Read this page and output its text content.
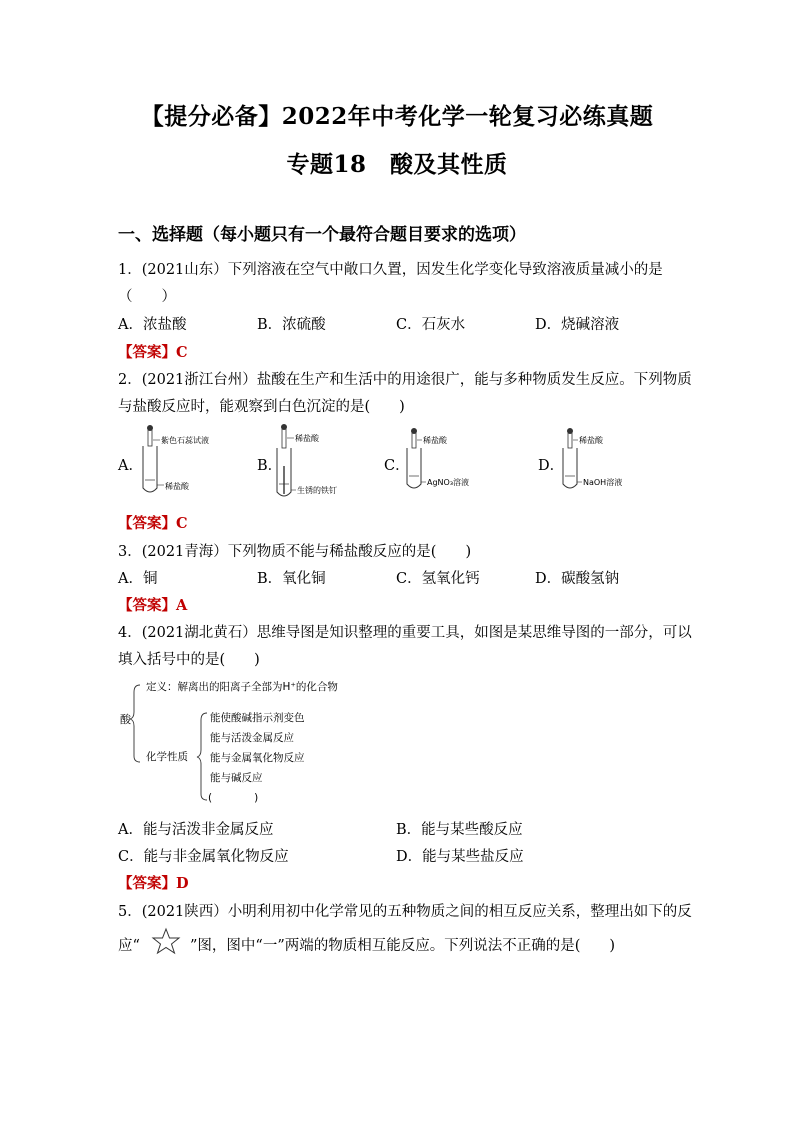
【提分必备】2022年中考化学一轮复习必练真题
专题18　酸及其性质
一、选择题（每小题只有一个最符合题目要求的选项）
1．(2021山东）下列溶液在空气中敞口久置，因发生化学变化导致溶液质量减小的是
（　　）
A．浓盐酸	B．浓硫酸	C．石灰水	D．烧碱溶液
【答案】C
2．(2021浙江台州）盐酸在生产和生活中的用途很广，能与多种物质发生反应。下列物质
与盐酸反应时，能观察到白色沉淀的是(　　)
A．	B．	C．	D．
紫色石蕊试液
稀盐酸
稀盐酸
生锈的铁钉
稀盐酸
AgNO₃溶液
稀盐酸
NaOH溶液
酸
定义：解离出的阳离子全部为H⁺的化合物
化学性质
能使酸碱指示剂变色
能与活泼金属反应
能与金属氧化物反应
能与碱反应
(　　　　)
【答案】C
3．(2021青海）下列物质不能与稀盐酸反应的是(　　)
A．铜	B．氧化铜	C．氢氧化钙	D．碳酸氢钠
【答案】A
4．(2021湖北黄石）思维导图是知识整理的重要工具，如图是某思维导图的一部分，可以
填入括号中的是(　　)
A．能与活泼非金属反应	B．能与某些酸反应
C．能与非金属氧化物反应	D．能与某些盐反应
【答案】D
5．(2021陕西）小明利用初中化学常见的五种物质之间的相互反应关系，整理出如下的反
应“	”图，图中“一”两端的物质相互能反应。下列说法不正确的是(　　)
